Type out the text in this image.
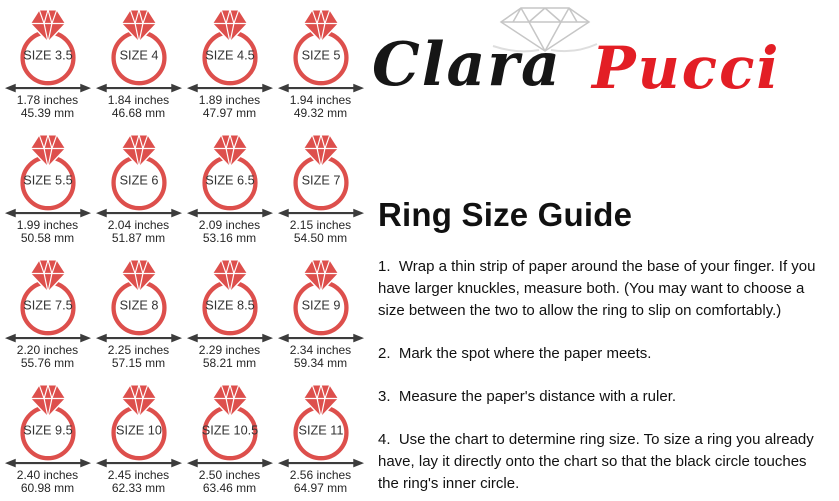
SIZE 3.5
1.78 inches
45.39 mm
SIZE 4
1.84 inches
46.68 mm
SIZE 4.5
1.89 inches
47.97 mm
SIZE 5
1.94 inches
49.32 mm
SIZE 5.5
1.99 inches
50.58 mm
SIZE 6
2.04 inches
51.87 mm
SIZE 6.5
2.09 inches
53.16 mm
SIZE 7
2.15 inches
54.50 mm
SIZE 7.5
2.20 inches
55.76 mm
SIZE 8
2.25 inches
57.15 mm
SIZE 8.5
2.29 inches
58.21 mm
SIZE 9
2.34 inches
59.34 mm
SIZE 9.5
2.40 inches
60.98 mm
SIZE 10
2.45 inches
62.33 mm
SIZE 10.5
2.50 inches
63.46 mm
SIZE 11
2.56 inches
64.97 mm
Clara Pucci
Ring Size Guide

1.  Wrap a thin strip of paper around the base of your finger. If you have larger knuckles, measure both. (You may want to choose a size between the two to allow the ring to slip on comfortably.)

2.  Mark the spot where the paper meets.

3.  Measure the paper's distance with a ruler.

4.  Use the chart to determine ring size. To size a ring you already have, lay it directly onto the chart so that the black circle touches the ring's inner circle.
